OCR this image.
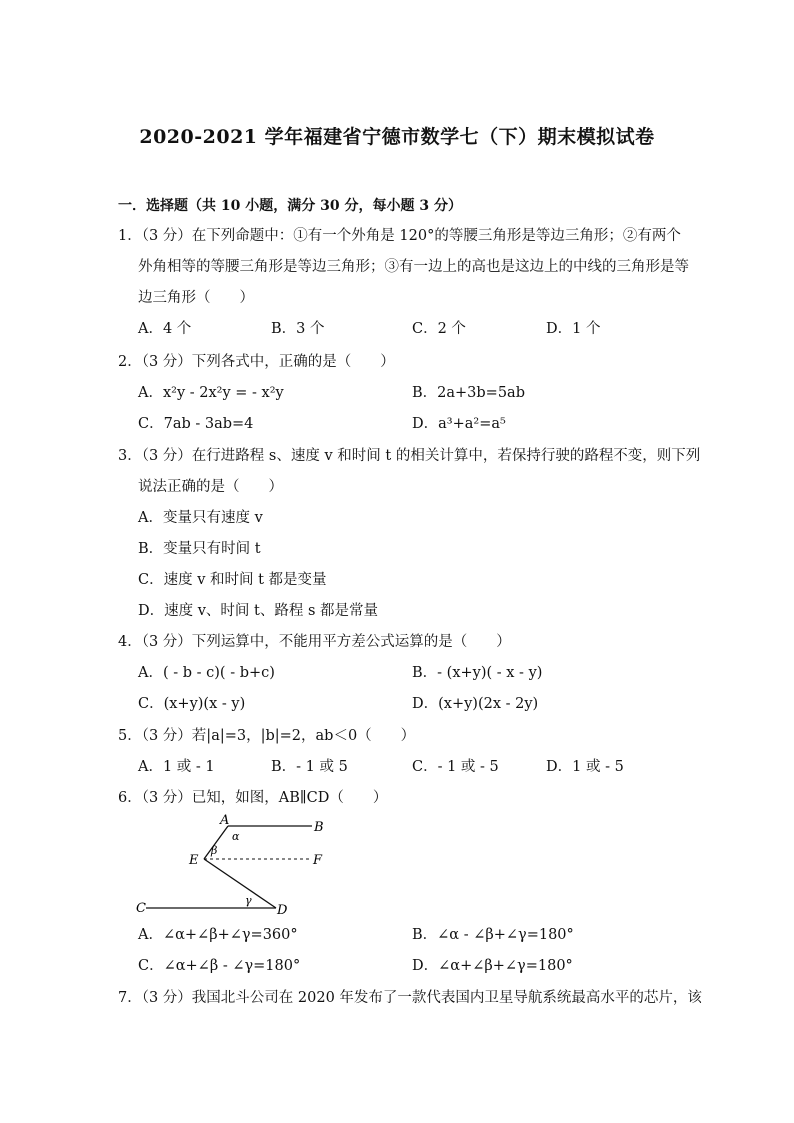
2020-2021 学年福建省宁德市数学七（下）期末模拟试卷
一．选择题（共 10 小题，满分 30 分，每小题 3 分）
1．（3 分）在下列命题中：①有一个外角是 120°的等腰三角形是等边三角形；②有两个
外角相等的等腰三角形是等边三角形；③有一边上的高也是这边上的中线的三角形是等
边三角形（　　）
A．4 个	B．3 个	C．2 个	D．1 个
2．（3 分）下列各式中，正确的是（　　）
A．x²y - 2x²y = - x²y	B．2a+3b=5ab
C．7ab - 3ab=4	D．a³+a²=a⁵
3．（3 分）在行进路程 s、速度 v 和时间 t 的相关计算中，若保持行驶的路程不变，则下列
说法正确的是（　　）
A．变量只有速度 v
B．变量只有时间 t
C．速度 v 和时间 t 都是变量
D．速度 v、时间 t、路程 s 都是常量
4．（3 分）下列运算中，不能用平方差公式运算的是（　　）
A．( - b - c)( - b+c)	B．- (x+y)( - x - y)
C．(x+y)(x - y)	D．(x+y)(2x - 2y)
5．（3 分）若|a|=3，|b|=2，ab＜0（　　）
A．1 或 - 1	B．- 1 或 5	C．- 1 或 - 5	D．1 或 - 5
6．（3 分）已知，如图，AB∥CD（　　）
A	B
E	F
C	D
α
β
γ
A．∠α+∠β+∠γ=360°	B．∠α - ∠β+∠γ=180°
C．∠α+∠β - ∠γ=180°	D．∠α+∠β+∠γ=180°
7．（3 分）我国北斗公司在 2020 年发布了一款代表国内卫星导航系统最高水平的芯片，该
